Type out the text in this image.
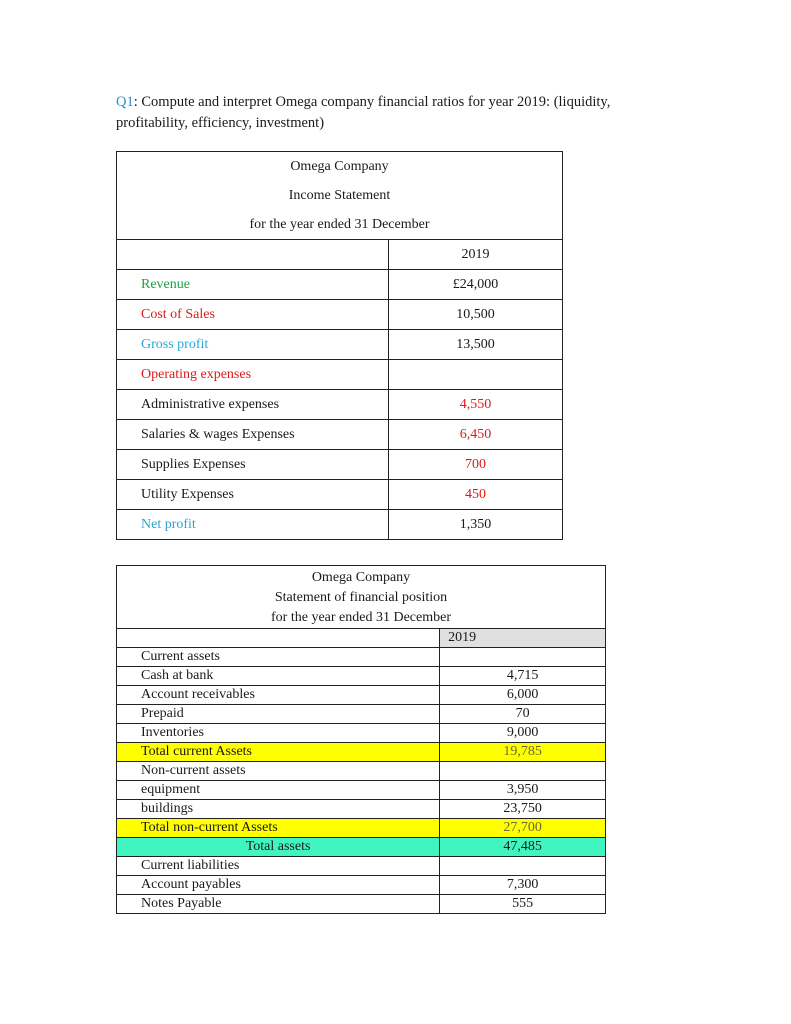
Q1: Compute and interpret Omega company financial ratios for year 2019: (liquidity, profitability, efficiency, investment)
Omega Company
Income Statement
for the year ended 31 December	

	2019
Revenue	£24,000
Cost of Sales	10,500
Gross profit	13,500
Operating expenses	
Administrative expenses	4,550
Salaries & wages Expenses	6,450
Supplies Expenses	700
Utility Expenses	450
Net profit	1,350
Omega Company
Statement of financial position
for the year ended 31 December	

	2019
Current assets	
Cash at bank	4,715
Account receivables	6,000
Prepaid	70
Inventories	9,000
Total current Assets	19,785
Non-current assets	
equipment	3,950
buildings	23,750
Total non-current Assets	27,700
Total assets	47,485
Current liabilities	
Account payables	7,300
Notes Payable	555
